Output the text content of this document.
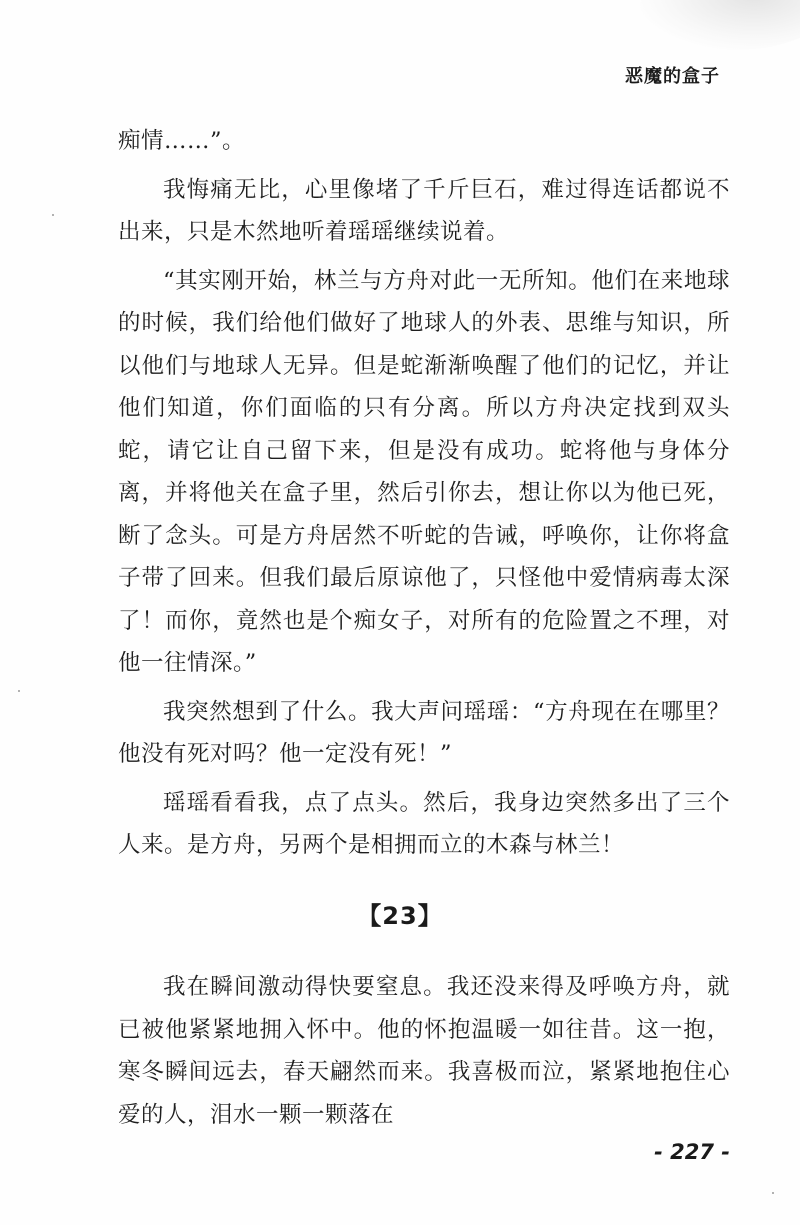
恶魔的盒子

痴情……”。

我悔痛无比，心里像堵了千斤巨石，难过得连话都说不出来，只是木然地听着瑶瑶继续说着。

“其实刚开始，林兰与方舟对此一无所知。他们在来地球的时候，我们给他们做好了地球人的外表、思维与知识，所以他们与地球人无异。但是蛇渐渐唤醒了他们的记忆，并让他们知道，你们面临的只有分离。所以方舟决定找到双头蛇，请它让自己留下来，但是没有成功。蛇将他与身体分离，并将他关在盒子里，然后引你去，想让你以为他已死，断了念头。可是方舟居然不听蛇的告诫，呼唤你，让你将盒子带了回来。但我们最后原谅他了，只怪他中爱情病毒太深了！而你，竟然也是个痴女子，对所有的危险置之不理，对他一往情深。”

我突然想到了什么。我大声问瑶瑶：“方舟现在在哪里？他没有死对吗？他一定没有死！”

瑶瑶看看我，点了点头。然后，我身边突然多出了三个人来。是方舟，另两个是相拥而立的木森与林兰！

【23】

我在瞬间激动得快要窒息。我还没来得及呼唤方舟，就已被他紧紧地拥入怀中。他的怀抱温暖一如往昔。这一抱，寒冬瞬间远去，春天翩然而来。我喜极而泣，紧紧地抱住心爱的人，泪水一颗一颗落在

- 227 -
